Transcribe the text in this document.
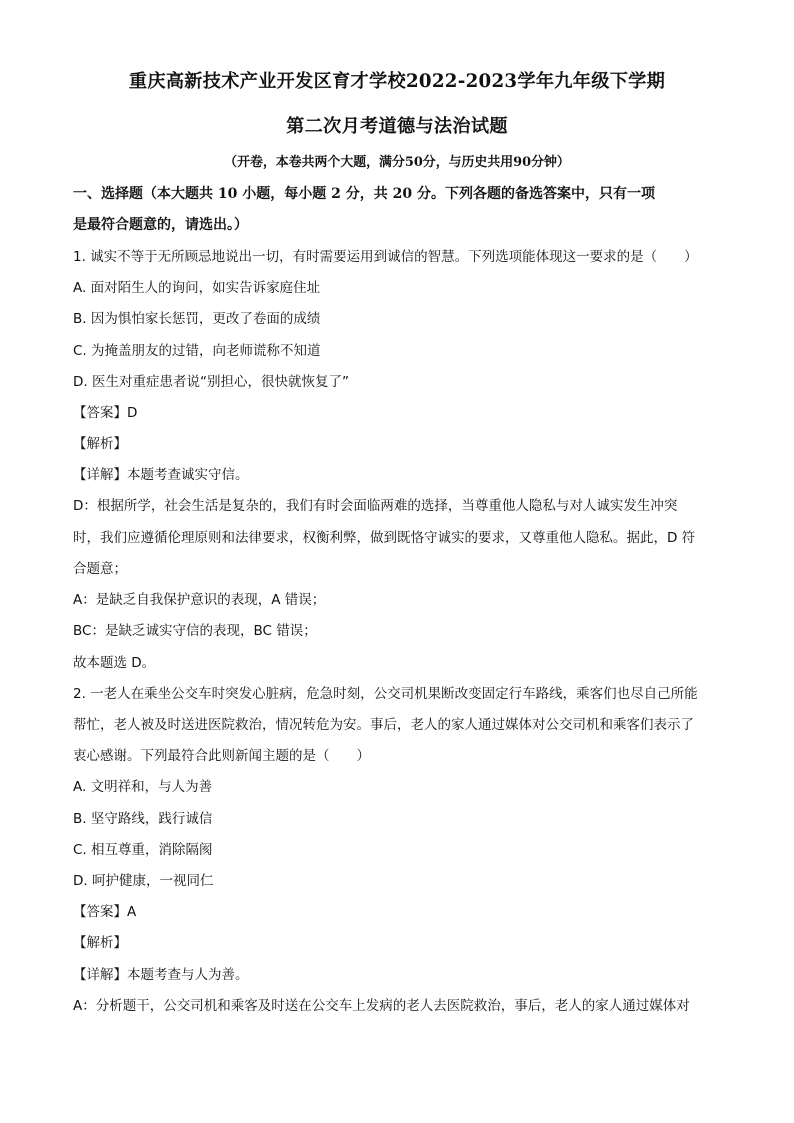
重庆高新技术产业开发区育才学校2022-2023学年九年级下学期
第二次月考道德与法治试题
（开卷，本卷共两个大题，满分50分，与历史共用90分钟）
一、选择题（本大题共 10 小题，每小题 2 分，共 20 分。下列各题的备选答案中，只有一项
是最符合题意的，请选出。）
1. 诚实不等于无所顾忌地说出一切，有时需要运用到诚信的智慧。下列选项能体现这一要求的是（　　）
A. 面对陌生人的询问，如实告诉家庭住址
B. 因为惧怕家长惩罚，更改了卷面的成绩
C. 为掩盖朋友的过错，向老师谎称不知道
D. 医生对重症患者说“别担心，很快就恢复了”
【答案】D
【解析】
【详解】本题考查诚实守信。
D：根据所学，社会生活是复杂的，我们有时会面临两难的选择，当尊重他人隐私与对人诚实发生冲突
时，我们应遵循伦理原则和法律要求，权衡利弊，做到既恪守诚实的要求，又尊重他人隐私。据此，D 符
合题意；
A：是缺乏自我保护意识的表现，A 错误；
BC：是缺乏诚实守信的表现，BC 错误；
故本题选 D。
2. 一老人在乘坐公交车时突发心脏病，危急时刻，公交司机果断改变固定行车路线，乘客们也尽自己所能
帮忙，老人被及时送进医院救治，情况转危为安。事后，老人的家人通过媒体对公交司机和乘客们表示了
衷心感谢。下列最符合此则新闻主题的是（　　）
A. 文明祥和，与人为善
B. 坚守路线，践行诚信
C. 相互尊重，消除隔阂
D. 呵护健康，一视同仁
【答案】A
【解析】
【详解】本题考查与人为善。
A：分析题干，公交司机和乘客及时送在公交车上发病的老人去医院救治，事后，老人的家人通过媒体对
